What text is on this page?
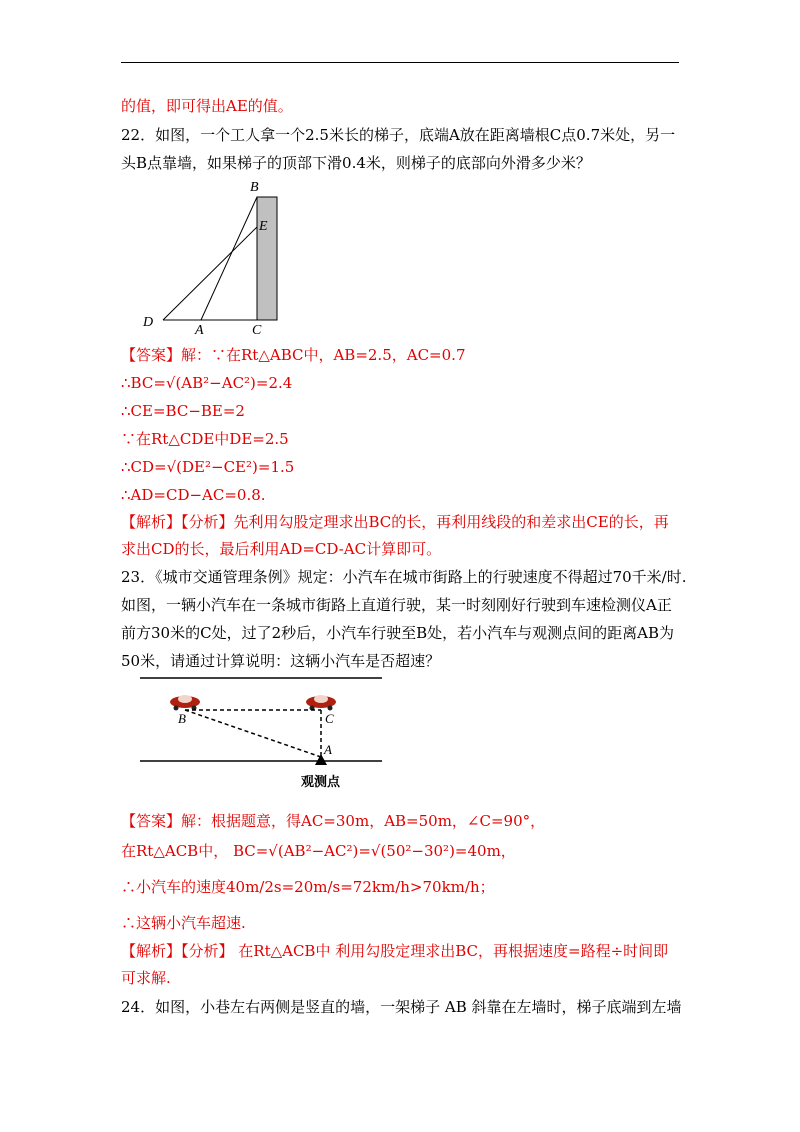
的值，即可得出AE的值。
22．如图，一个工人拿一个2.5米长的梯子，底端A放在距离墙根C点0.7米处，另一
头B点靠墙，如果梯子的顶部下滑0.4米，则梯子的底部向外滑多少米？
B
E
D
A	C
【答案】解：∵在Rt△ABC中，AB=2.5，AC=0.7
∴BC=√(AB²−AC²)=2.4
∴CE=BC−BE=2
∵在Rt△CDE中DE=2.5
∴CD=√(DE²−CE²)=1.5
∴AD=CD−AC=0.8.
【解析】【分析】先利用勾股定理求出BC的长，再利用线段的和差求出CE的长，再
求出CD的长，最后利用AD=CD-AC计算即可。
23．《城市交通管理条例》规定：小汽车在城市街路上的行驶速度不得超过70千米/时.
如图，一辆小汽车在一条城市街路上直道行驶，某一时刻刚好行驶到车速检测仪A正
前方30米的C处，过了2秒后，小汽车行驶至B处，若小汽车与观测点间的距离AB为
50米，请通过计算说明：这辆小汽车是否超速？
B	C
A
观测点
【答案】解：根据题意，得AC=30m，AB=50m，∠C=90°，
在Rt△ACB中， BC=√(AB²−AC²)=√(50²−30²)=40m，
∴小汽车的速度40m/2s=20m/s=72km/h>70km/h；
∴这辆小汽车超速.
【解析】【分析】 在Rt△ACB中 利用勾股定理求出BC，再根据速度=路程÷时间即
可求解.
24．如图，小巷左右两侧是竖直的墙，一架梯子 AB 斜靠在左墙时，梯子底端到左墙
